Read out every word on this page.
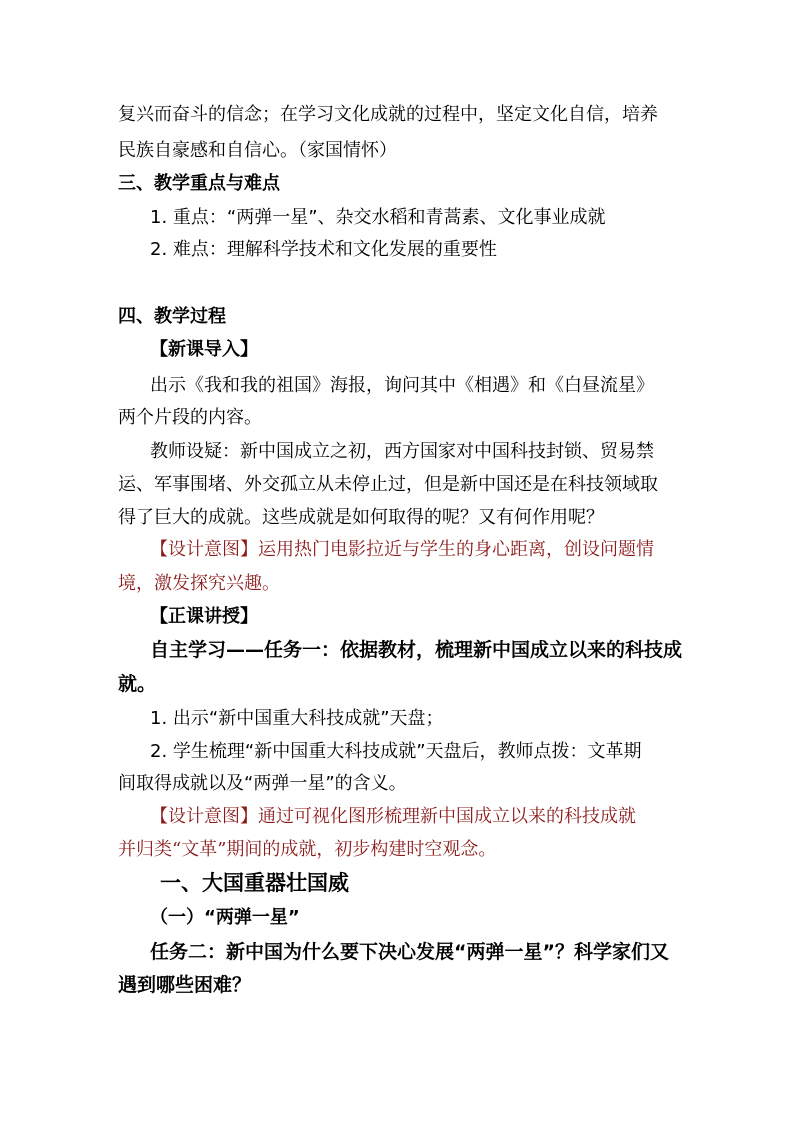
复兴而奋斗的信念；在学习文化成就的过程中，坚定文化自信，培养
民族自豪感和自信心。（家国情怀）
三、教学重点与难点
1. 重点：“两弹一星”、杂交水稻和青蒿素、文化事业成就
2. 难点：理解科学技术和文化发展的重要性
四、教学过程
【新课导入】
出示《我和我的祖国》海报，询问其中《相遇》和《白昼流星》
两个片段的内容。
教师设疑：新中国成立之初，西方国家对中国科技封锁、贸易禁
运、军事围堵、外交孤立从未停止过，但是新中国还是在科技领域取
得了巨大的成就。这些成就是如何取得的呢？又有何作用呢？
【设计意图】运用热门电影拉近与学生的身心距离，创设问题情
境，激发探究兴趣。
【正课讲授】
自主学习——任务一：依据教材，梳理新中国成立以来的科技成
就。
1. 出示“新中国重大科技成就”天盘；
2. 学生梳理“新中国重大科技成就”天盘后，教师点拨：文革期
间取得成就以及“两弹一星”的含义。
【设计意图】通过可视化图形梳理新中国成立以来的科技成就
并归类“文革”期间的成就，初步构建时空观念。
一、大国重器壮国威
（一）“两弹一星”
任务二：新中国为什么要下决心发展“两弹一星”？科学家们又
遇到哪些困难？
